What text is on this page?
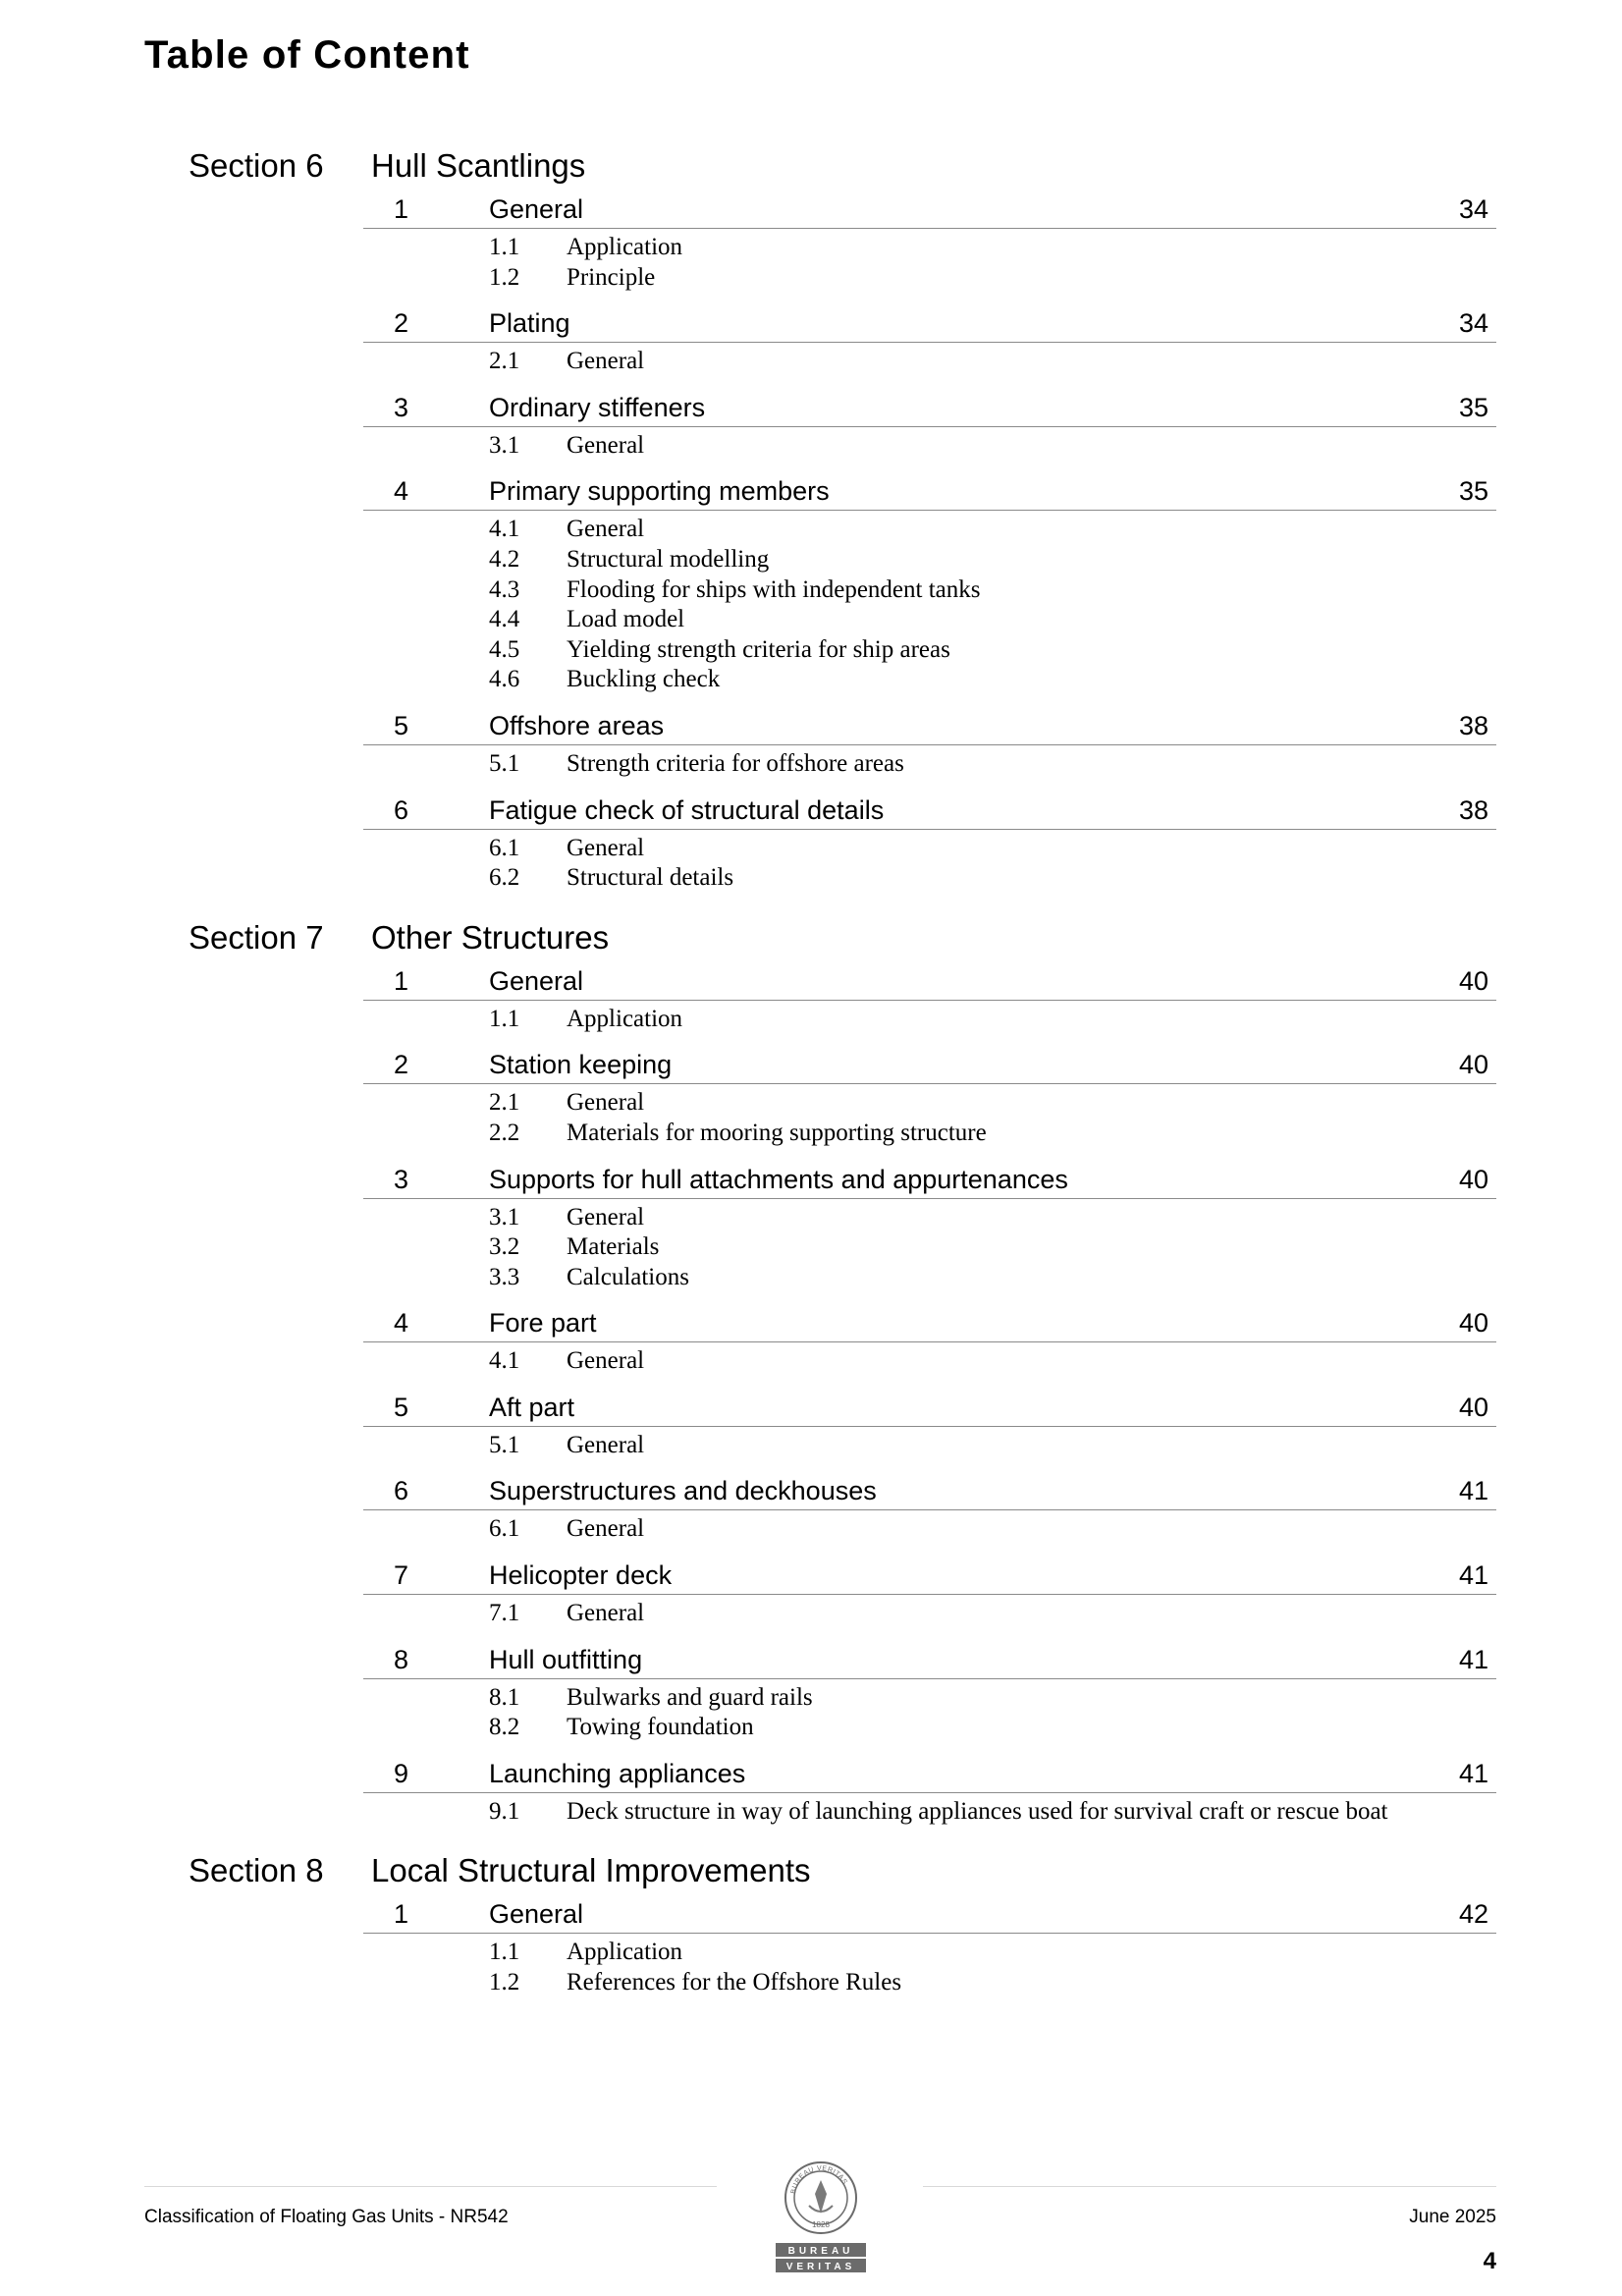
Table of Content
Section 6 Hull Scantlings
1	General	34
1.1 Application
1.2 Principle
2	Plating	34
2.1 General
3	Ordinary stiffeners	35
3.1 General
4	Primary supporting members	35
4.1 General
4.2 Structural modelling
4.3 Flooding for ships with independent tanks
4.4 Load model
4.5 Yielding strength criteria for ship areas
4.6 Buckling check
5	Offshore areas	38
5.1 Strength criteria for offshore areas
6	Fatigue check of structural details	38
6.1 General
6.2 Structural details
Section 7 Other Structures
1	General	40
1.1 Application
2	Station keeping	40
2.1 General
2.2 Materials for mooring supporting structure
3	Supports for hull attachments and appurtenances	40
3.1 General
3.2 Materials
3.3 Calculations
4	Fore part	40
4.1 General
5	Aft part	40
5.1 General
6	Superstructures and deckhouses	41
6.1 General
7	Helicopter deck	41
7.1 General
8	Hull outfitting	41
8.1 Bulwarks and guard rails
8.2 Towing foundation
9	Launching appliances	41
9.1 Deck structure in way of launching appliances used for survival craft or rescue boat
Section 8 Local Structural Improvements
1	General	42
1.1 Application
1.2 References for the Offshore Rules
Classification of Floating Gas Units - NR542
BUREAU VERITAS
1828
BUREAU
VERITAS
June 2025
4
